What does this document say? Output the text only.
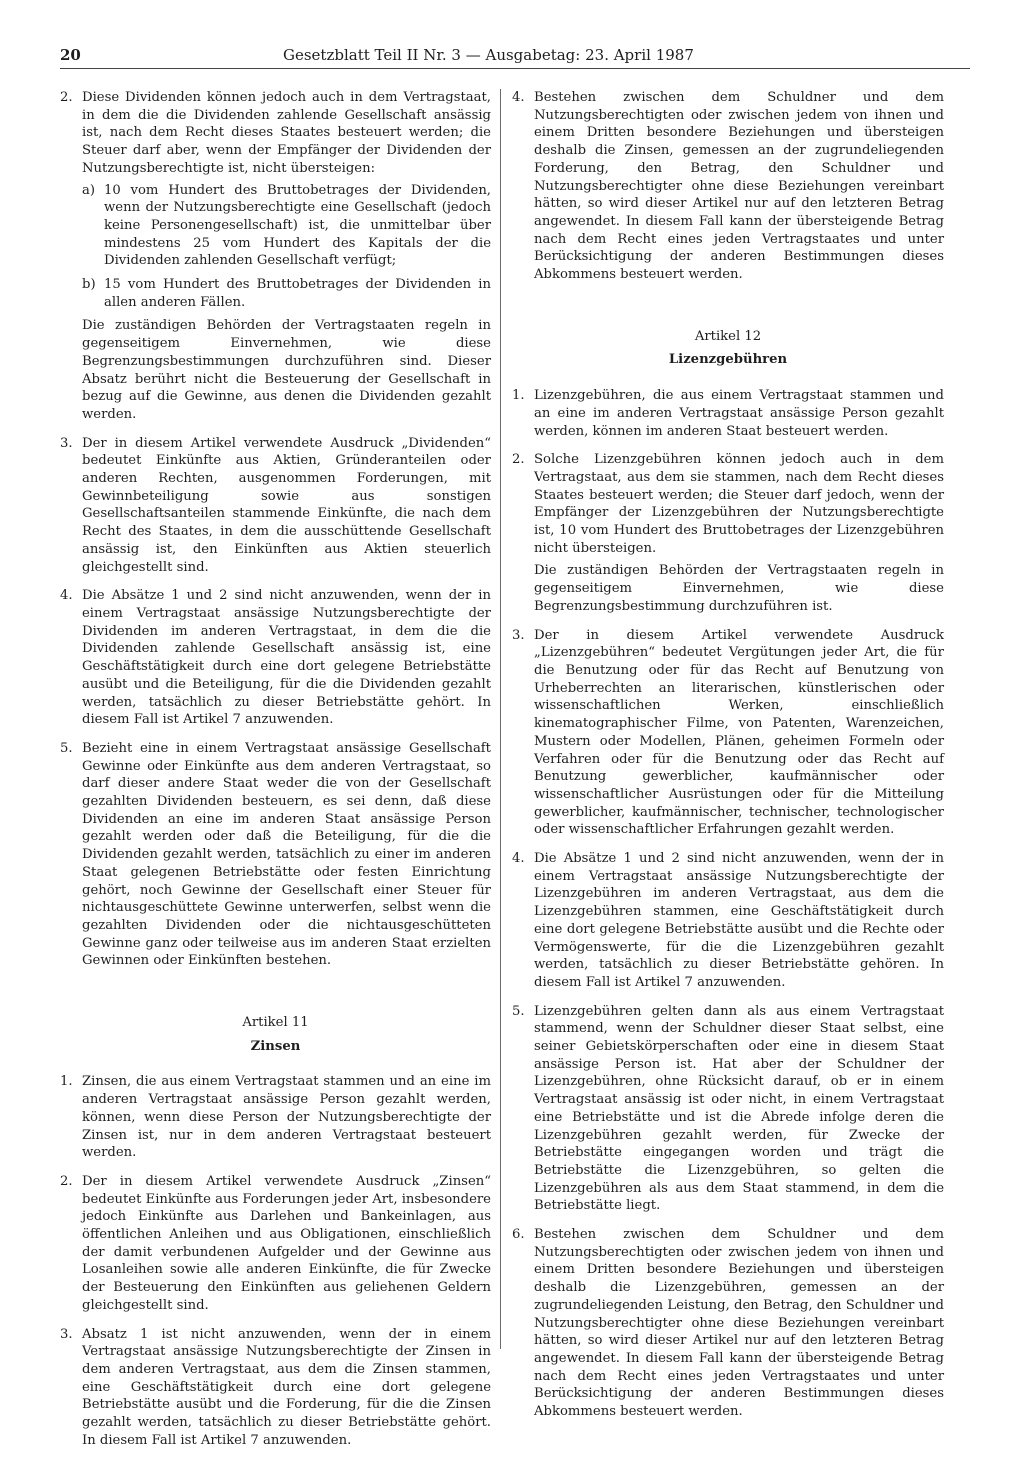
20	Gesetzblatt Teil II Nr. 3 — Ausgabetag: 23. April 1987
2. Diese Dividenden können jedoch auch in dem Vertragstaat, in dem die die Dividenden zahlende Gesellschaft ansässig ist, nach dem Recht dieses Staates besteuert werden; die Steuer darf aber, wenn der Empfänger der Dividenden der Nutzungsberechtigte ist, nicht übersteigen:
a) 10 vom Hundert des Bruttobetrages der Dividenden, wenn der Nutzungsberechtigte eine Gesellschaft (jedoch keine Personengesellschaft) ist, die unmittelbar über mindestens 25 vom Hundert des Kapitals der die Dividenden zahlenden Gesellschaft verfügt;
b) 15 vom Hundert des Bruttobetrages der Dividenden in allen anderen Fällen.
Die zuständigen Behörden der Vertragstaaten regeln in gegenseitigem Einvernehmen, wie diese Begrenzungsbestimmungen durchzuführen sind. Dieser Absatz berührt nicht die Besteuerung der Gesellschaft in bezug auf die Gewinne, aus denen die Dividenden gezahlt werden.
3. Der in diesem Artikel verwendete Ausdruck „Dividenden“ bedeutet Einkünfte aus Aktien, Gründeranteilen oder anderen Rechten, ausgenommen Forderungen, mit Gewinnbeteiligung sowie aus sonstigen Gesellschaftsanteilen stammende Einkünfte, die nach dem Recht des Staates, in dem die ausschüttende Gesellschaft ansässig ist, den Einkünften aus Aktien steuerlich gleichgestellt sind.
4. Die Absätze 1 und 2 sind nicht anzuwenden, wenn der in einem Vertragstaat ansässige Nutzungsberechtigte der Dividenden im anderen Vertragstaat, in dem die die Dividenden zahlende Gesellschaft ansässig ist, eine Geschäftstätigkeit durch eine dort gelegene Betriebstätte ausübt und die Beteiligung, für die die Dividenden gezahlt werden, tatsächlich zu dieser Betriebstätte gehört. In diesem Fall ist Artikel 7 anzuwenden.
5. Bezieht eine in einem Vertragstaat ansässige Gesellschaft Gewinne oder Einkünfte aus dem anderen Vertragstaat, so darf dieser andere Staat weder die von der Gesellschaft gezahlten Dividenden besteuern, es sei denn, daß diese Dividenden an eine im anderen Staat ansässige Person gezahlt werden oder daß die Beteiligung, für die die Dividenden gezahlt werden, tatsächlich zu einer im anderen Staat gelegenen Betriebstätte oder festen Einrichtung gehört, noch Gewinne der Gesellschaft einer Steuer für nichtausgeschüttete Gewinne unterwerfen, selbst wenn die gezahlten Dividenden oder die nichtausgeschütteten Gewinne ganz oder teilweise aus im anderen Staat erzielten Gewinnen oder Einkünften bestehen.
Artikel 11
Zinsen
1. Zinsen, die aus einem Vertragstaat stammen und an eine im anderen Vertragstaat ansässige Person gezahlt werden, können, wenn diese Person der Nutzungsberechtigte der Zinsen ist, nur in dem anderen Vertragstaat besteuert werden.
2. Der in diesem Artikel verwendete Ausdruck „Zinsen“ bedeutet Einkünfte aus Forderungen jeder Art, insbesondere jedoch Einkünfte aus Darlehen und Bankeinlagen, aus öffentlichen Anleihen und aus Obligationen, einschließlich der damit verbundenen Aufgelder und der Gewinne aus Losanleihen sowie alle anderen Einkünfte, die für Zwecke der Besteuerung den Einkünften aus geliehenen Geldern gleichgestellt sind.
3. Absatz 1 ist nicht anzuwenden, wenn der in einem Vertragstaat ansässige Nutzungsberechtigte der Zinsen in dem anderen Vertragstaat, aus dem die Zinsen stammen, eine Geschäftstätigkeit durch eine dort gelegene Betriebstätte ausübt und die Forderung, für die die Zinsen gezahlt werden, tatsächlich zu dieser Betriebstätte gehört. In diesem Fall ist Artikel 7 anzuwenden.
4. Bestehen zwischen dem Schuldner und dem Nutzungsberechtigten oder zwischen jedem von ihnen und einem Dritten besondere Beziehungen und übersteigen deshalb die Zinsen, gemessen an der zugrundeliegenden Forderung, den Betrag, den Schuldner und Nutzungsberechtigter ohne diese Beziehungen vereinbart hätten, so wird dieser Artikel nur auf den letzteren Betrag angewendet. In diesem Fall kann der übersteigende Betrag nach dem Recht eines jeden Vertragstaates und unter Berücksichtigung der anderen Bestimmungen dieses Abkommens besteuert werden.
Artikel 12
Lizenzgebühren
1. Lizenzgebühren, die aus einem Vertragstaat stammen und an eine im anderen Vertragstaat ansässige Person gezahlt werden, können im anderen Staat besteuert werden.
2. Solche Lizenzgebühren können jedoch auch in dem Vertragstaat, aus dem sie stammen, nach dem Recht dieses Staates besteuert werden; die Steuer darf jedoch, wenn der Empfänger der Lizenzgebühren der Nutzungsberechtigte ist, 10 vom Hundert des Bruttobetrages der Lizenzgebühren nicht übersteigen.
Die zuständigen Behörden der Vertragstaaten regeln in gegenseitigem Einvernehmen, wie diese Begrenzungsbestimmung durchzuführen ist.
3. Der in diesem Artikel verwendete Ausdruck „Lizenzgebühren“ bedeutet Vergütungen jeder Art, die für die Benutzung oder für das Recht auf Benutzung von Urheberrechten an literarischen, künstlerischen oder wissenschaftlichen Werken, einschließlich kinematographischer Filme, von Patenten, Warenzeichen, Mustern oder Modellen, Plänen, geheimen Formeln oder Verfahren oder für die Benutzung oder das Recht auf Benutzung gewerblicher, kaufmännischer oder wissenschaftlicher Ausrüstungen oder für die Mitteilung gewerblicher, kaufmännischer, technischer, technologischer oder wissenschaftlicher Erfahrungen gezahlt werden.
4. Die Absätze 1 und 2 sind nicht anzuwenden, wenn der in einem Vertragstaat ansässige Nutzungsberechtigte der Lizenzgebühren im anderen Vertragstaat, aus dem die Lizenzgebühren stammen, eine Geschäftstätigkeit durch eine dort gelegene Betriebstätte ausübt und die Rechte oder Vermögenswerte, für die die Lizenzgebühren gezahlt werden, tatsächlich zu dieser Betriebstätte gehören. In diesem Fall ist Artikel 7 anzuwenden.
5. Lizenzgebühren gelten dann als aus einem Vertragstaat stammend, wenn der Schuldner dieser Staat selbst, eine seiner Gebietskörperschaften oder eine in diesem Staat ansässige Person ist. Hat aber der Schuldner der Lizenzgebühren, ohne Rücksicht darauf, ob er in einem Vertragstaat ansässig ist oder nicht, in einem Vertragstaat eine Betriebstätte und ist die Abrede infolge deren die Lizenzgebühren gezahlt werden, für Zwecke der Betriebstätte eingegangen worden und trägt die Betriebstätte die Lizenzgebühren, so gelten die Lizenzgebühren als aus dem Staat stammend, in dem die Betriebstätte liegt.
6. Bestehen zwischen dem Schuldner und dem Nutzungsberechtigten oder zwischen jedem von ihnen und einem Dritten besondere Beziehungen und übersteigen deshalb die Lizenzgebühren, gemessen an der zugrundeliegenden Leistung, den Betrag, den Schuldner und Nutzungsberechtigter ohne diese Beziehungen vereinbart hätten, so wird dieser Artikel nur auf den letzteren Betrag angewendet. In diesem Fall kann der übersteigende Betrag nach dem Recht eines jeden Vertragstaates und unter Berücksichtigung der anderen Bestimmungen dieses Abkommens besteuert werden.
